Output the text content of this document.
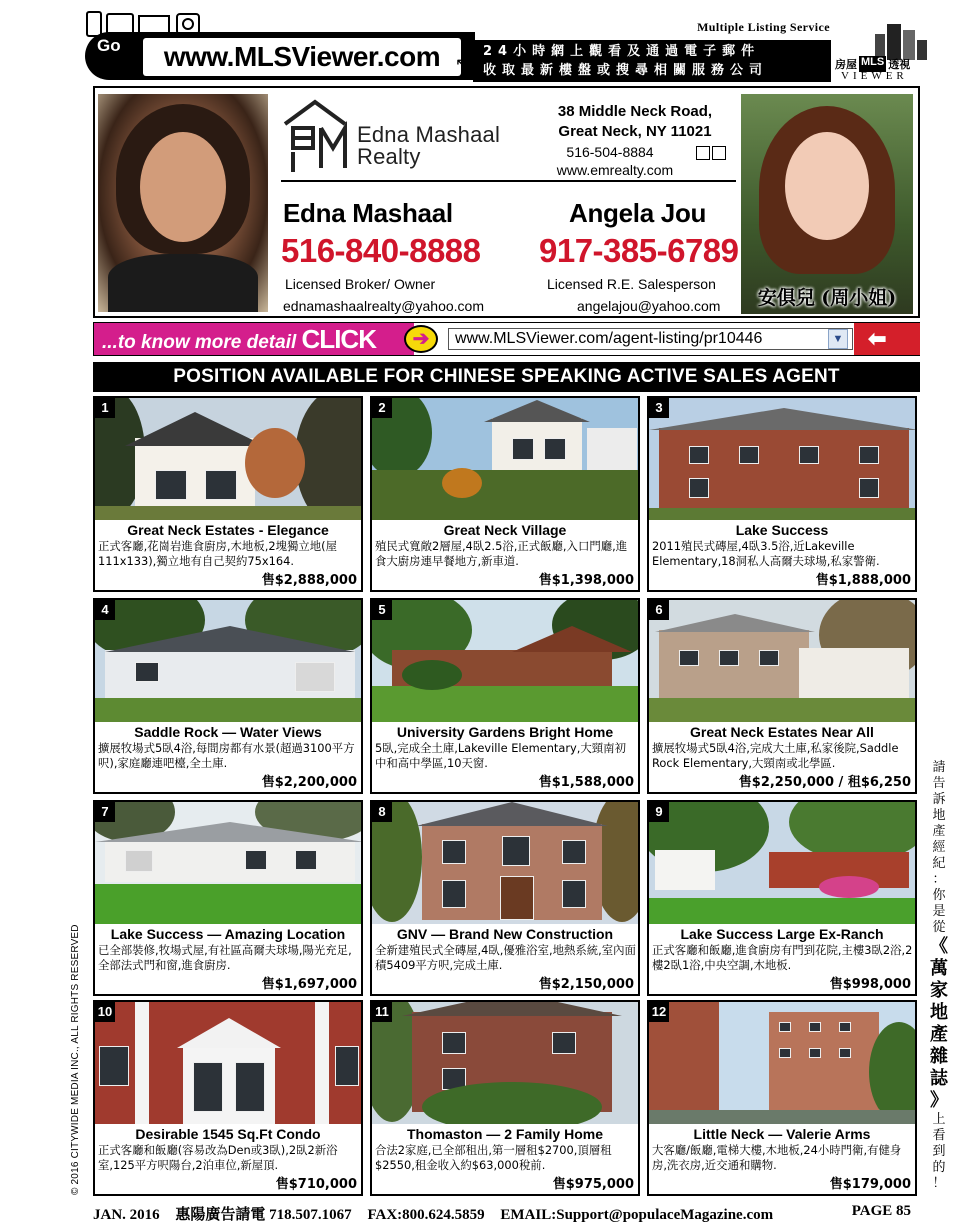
Go	www.MLSViewer.com ↖
Multiple Listing Service
24小時網上觀看及通過電子郵件
收取最新樓盤或搜尋相關服務公司	房屋 MLS 透視
VIEWER
Edna Mashaal
Realty
38 Middle Neck Road,
Great Neck, NY 11021
516-504-8884
www.emrealty.com
Edna Mashaal
516-840-8888
Licensed Broker/ Owner
ednamashaalrealty@yahoo.com
Angela Jou
917-385-6789
Licensed R.E. Salesperson
angelajou@yahoo.com	安俱兒 (周小姐)
...to know more detail CLICK	➔	www.MLSViewer.com/agent-listing/pr10446	▼ ⬅
POSITION AVAILABLE FOR CHINESE SPEAKING ACTIVE SALES AGENT
1
Great Neck Estates - Elegance
正式客廳,花崗岩進食廚房,木地板,2塊獨立地(屋111x133),獨立地有自己契約75x164.
售$2,888,000
2
Great Neck Village
殖民式寬敞2層屋,4臥2.5浴,正式飯廳,入口門廳,進食大廚房連早餐地方,新車道.
售$1,398,000
3
Lake Success
2011殖民式磚屋,4臥3.5浴,近Lakeville Elementary,18洞私人高爾夫球場,私家警衛.
售$1,888,000
4
Saddle Rock — Water Views
擴展牧場式5臥4浴,每間房都有水景(超過3100平方呎),家庭廳連吧檯,全土庫.
售$2,200,000
5
University Gardens Bright Home
5臥,完成全土庫,Lakeville Elementary,大頸南初中和高中學區,10天窗.
售$1,588,000
6
Great Neck Estates Near All
擴展牧場式5臥4浴,完成大土庫,私家後院,Saddle Rock Elementary,大頸南或北學區.
售$2,250,000 / 租$6,250
7
Lake Success — Amazing Location
已全部裝修,牧場式屋,有社區高爾夫球場,陽光充足,全部法式門和窗,進食廚房.
售$1,697,000
8
GNV — Brand New Construction
全新建殖民式全磚屋,4臥,優雅浴室,地熱系統,室內面積5409平方呎,完成土庫.
售$2,150,000
9
Lake Success Large Ex-Ranch
正式客廳和飯廳,進食廚房有門到花院,主樓3臥2浴,2樓2臥1浴,中央空調,木地板.
售$998,000
10
Desirable 1545 Sq.Ft Condo
正式客廳和飯廳(容易改為Den或3臥),2臥2新浴室,125平方呎陽台,2泊車位,新屋頂.
售$710,000
11
Thomaston — 2 Family Home
合法2家庭,已全部租出,第一層租$2700,頂層租$2550,租金收入約$63,000稅前.
售$975,000
12
Little Neck — Valerie Arms
大客廳/飯廳,電梯大樓,木地板,24小時門衛,有健身房,洗衣房,近交通和購物.
售$179,000
請
告
訴
地
產
經
紀
：
你
是
從
《
萬
家
地
產
雜
誌
》
上
看
到
的
！
© 2016 CITYWIDE MEDIA INC., ALL RIGHTS RESERVED
JAN. 2016 惠陽廣告請電 718.507.1067 FAX:800.624.5859 EMAIL:Support@populaceMagazine.com	PAGE 85
